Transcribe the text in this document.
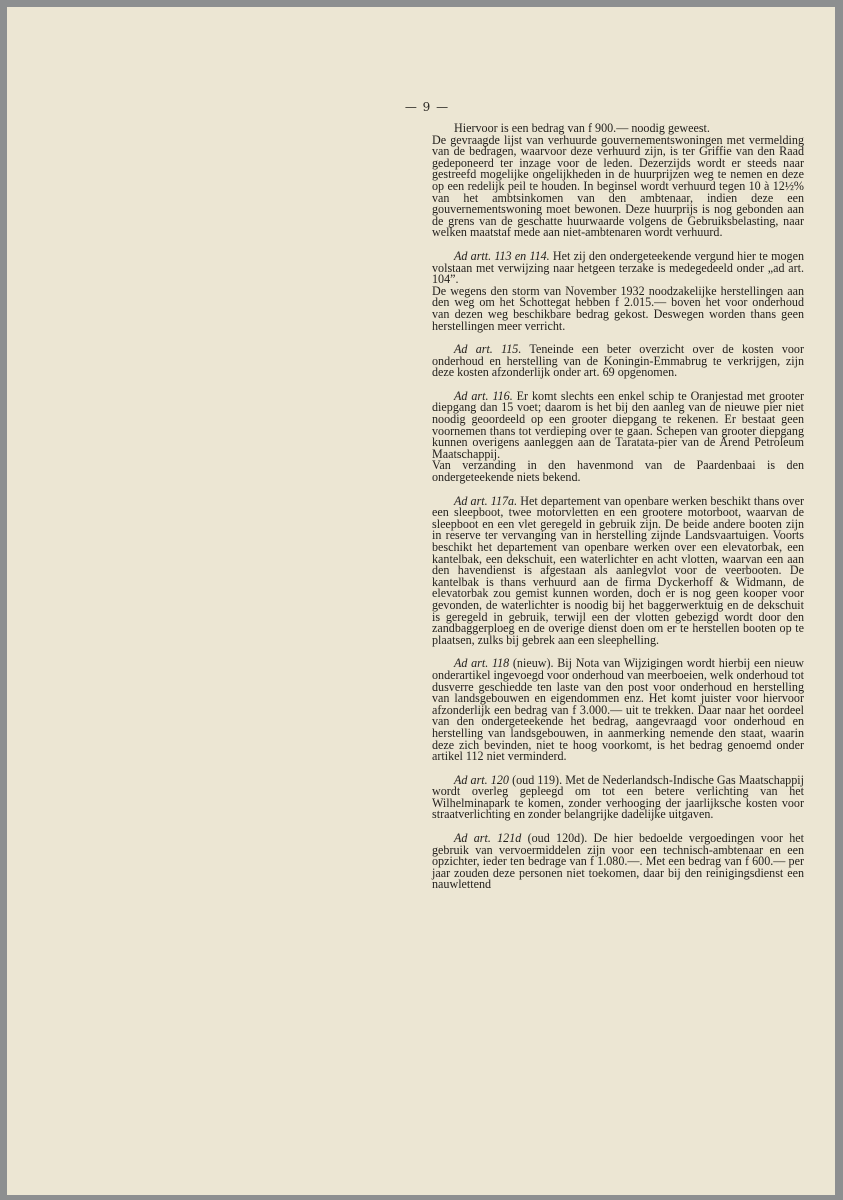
— 9 —

Hiervoor is een bedrag van f 900.— noodig geweest.

De gevraagde lijst van verhuurde gouvernementswoningen met vermelding van de bedragen, waarvoor deze verhuurd zijn, is ter Griffie van den Raad gedeponeerd ter inzage voor de leden. Dezerzijds wordt er steeds naar gestreefd mogelijke ongelijkheden in de huurprijzen weg te nemen en deze op een redelijk peil te houden. In beginsel wordt verhuurd tegen 10 à 12½% van het ambtsinkomen van den ambtenaar, indien deze een gouvernementswoning moet bewonen. Deze huurprijs is nog gebonden aan de grens van de geschatte huurwaarde volgens de Gebruiksbelasting, naar welken maatstaf mede aan niet-ambtenaren wordt verhuurd.

Ad artt. 113 en 114. Het zij den ondergeteekende vergund hier te mogen volstaan met verwijzing naar hetgeen terzake is medegedeeld onder „ad art. 104”.

De wegens den storm van November 1932 noodzakelijke herstellingen aan den weg om het Schottegat hebben f 2.015.— boven het voor onderhoud van dezen weg beschikbare bedrag gekost. Deswegen worden thans geen herstellingen meer verricht.

Ad art. 115. Teneinde een beter overzicht over de kosten voor onderhoud en herstelling van de Koningin-Emmabrug te verkrijgen, zijn deze kosten afzonderlijk onder art. 69 opgenomen.

Ad art. 116. Er komt slechts een enkel schip te Oranjestad met grooter diepgang dan 15 voet; daarom is het bij den aanleg van de nieuwe pier niet noodig geoordeeld op een grooter diepgang te rekenen. Er bestaat geen voornemen thans tot verdieping over te gaan. Schepen van grooter diepgang kunnen overigens aanleggen aan de Taratata-pier van de Arend Petroleum Maatschappij.

Van verzanding in den havenmond van de Paardenbaai is den ondergeteekende niets bekend.

Ad art. 117a. Het departement van openbare werken beschikt thans over een sleepboot, twee motorvletten en een grootere motorboot, waarvan de sleepboot en een vlet geregeld in gebruik zijn. De beide andere booten zijn in reserve ter vervanging van in herstelling zijnde Landsvaartuigen. Voorts beschikt het departement van openbare werken over een elevatorbak, een kantelbak, een dekschuit, een waterlichter en acht vlotten, waarvan een aan den havendienst is afgestaan als aanlegvlot voor de veerbooten. De kantelbak is thans verhuurd aan de firma Dyckerhoff & Widmann, de elevatorbak zou gemist kunnen worden, doch er is nog geen kooper voor gevonden, de waterlichter is noodig bij het baggerwerktuig en de dekschuit is geregeld in gebruik, terwijl een der vlotten gebezigd wordt door den zandbaggerploeg en de overige dienst doen om er te herstellen booten op te plaatsen, zulks bij gebrek aan een sleephelling.

Ad art. 118 (nieuw). Bij Nota van Wijzigingen wordt hierbij een nieuw onderartikel ingevoegd voor onderhoud van meerboeien, welk onderhoud tot dusverre geschiedde ten laste van den post voor onderhoud en herstelling van landsgebouwen en eigendommen enz. Het komt juister voor hiervoor afzonderlijk een bedrag van f 3.000.— uit te trekken. Daar naar het oordeel van den ondergeteekende het bedrag, aangevraagd voor onderhoud en herstelling van landsgebouwen, in aanmerking nemende den staat, waarin deze zich bevinden, niet te hoog voorkomt, is het bedrag genoemd onder artikel 112 niet verminderd.

Ad art. 120 (oud 119). Met de Nederlandsch-Indische Gas Maatschappij wordt overleg gepleegd om tot een betere verlichting van het Wilhelminapark te komen, zonder verhooging der jaarlijksche kosten voor straatverlichting en zonder belangrijke dadelijke uitgaven.

Ad art. 121d (oud 120d). De hier bedoelde vergoedingen voor het gebruik van vervoermiddelen zijn voor een technisch-ambtenaar en een opzichter, ieder ten bedrage van f 1.080.—. Met een bedrag van f 600.— per jaar zouden deze personen niet toekomen, daar bij den reinigingsdienst een nauwlettend
